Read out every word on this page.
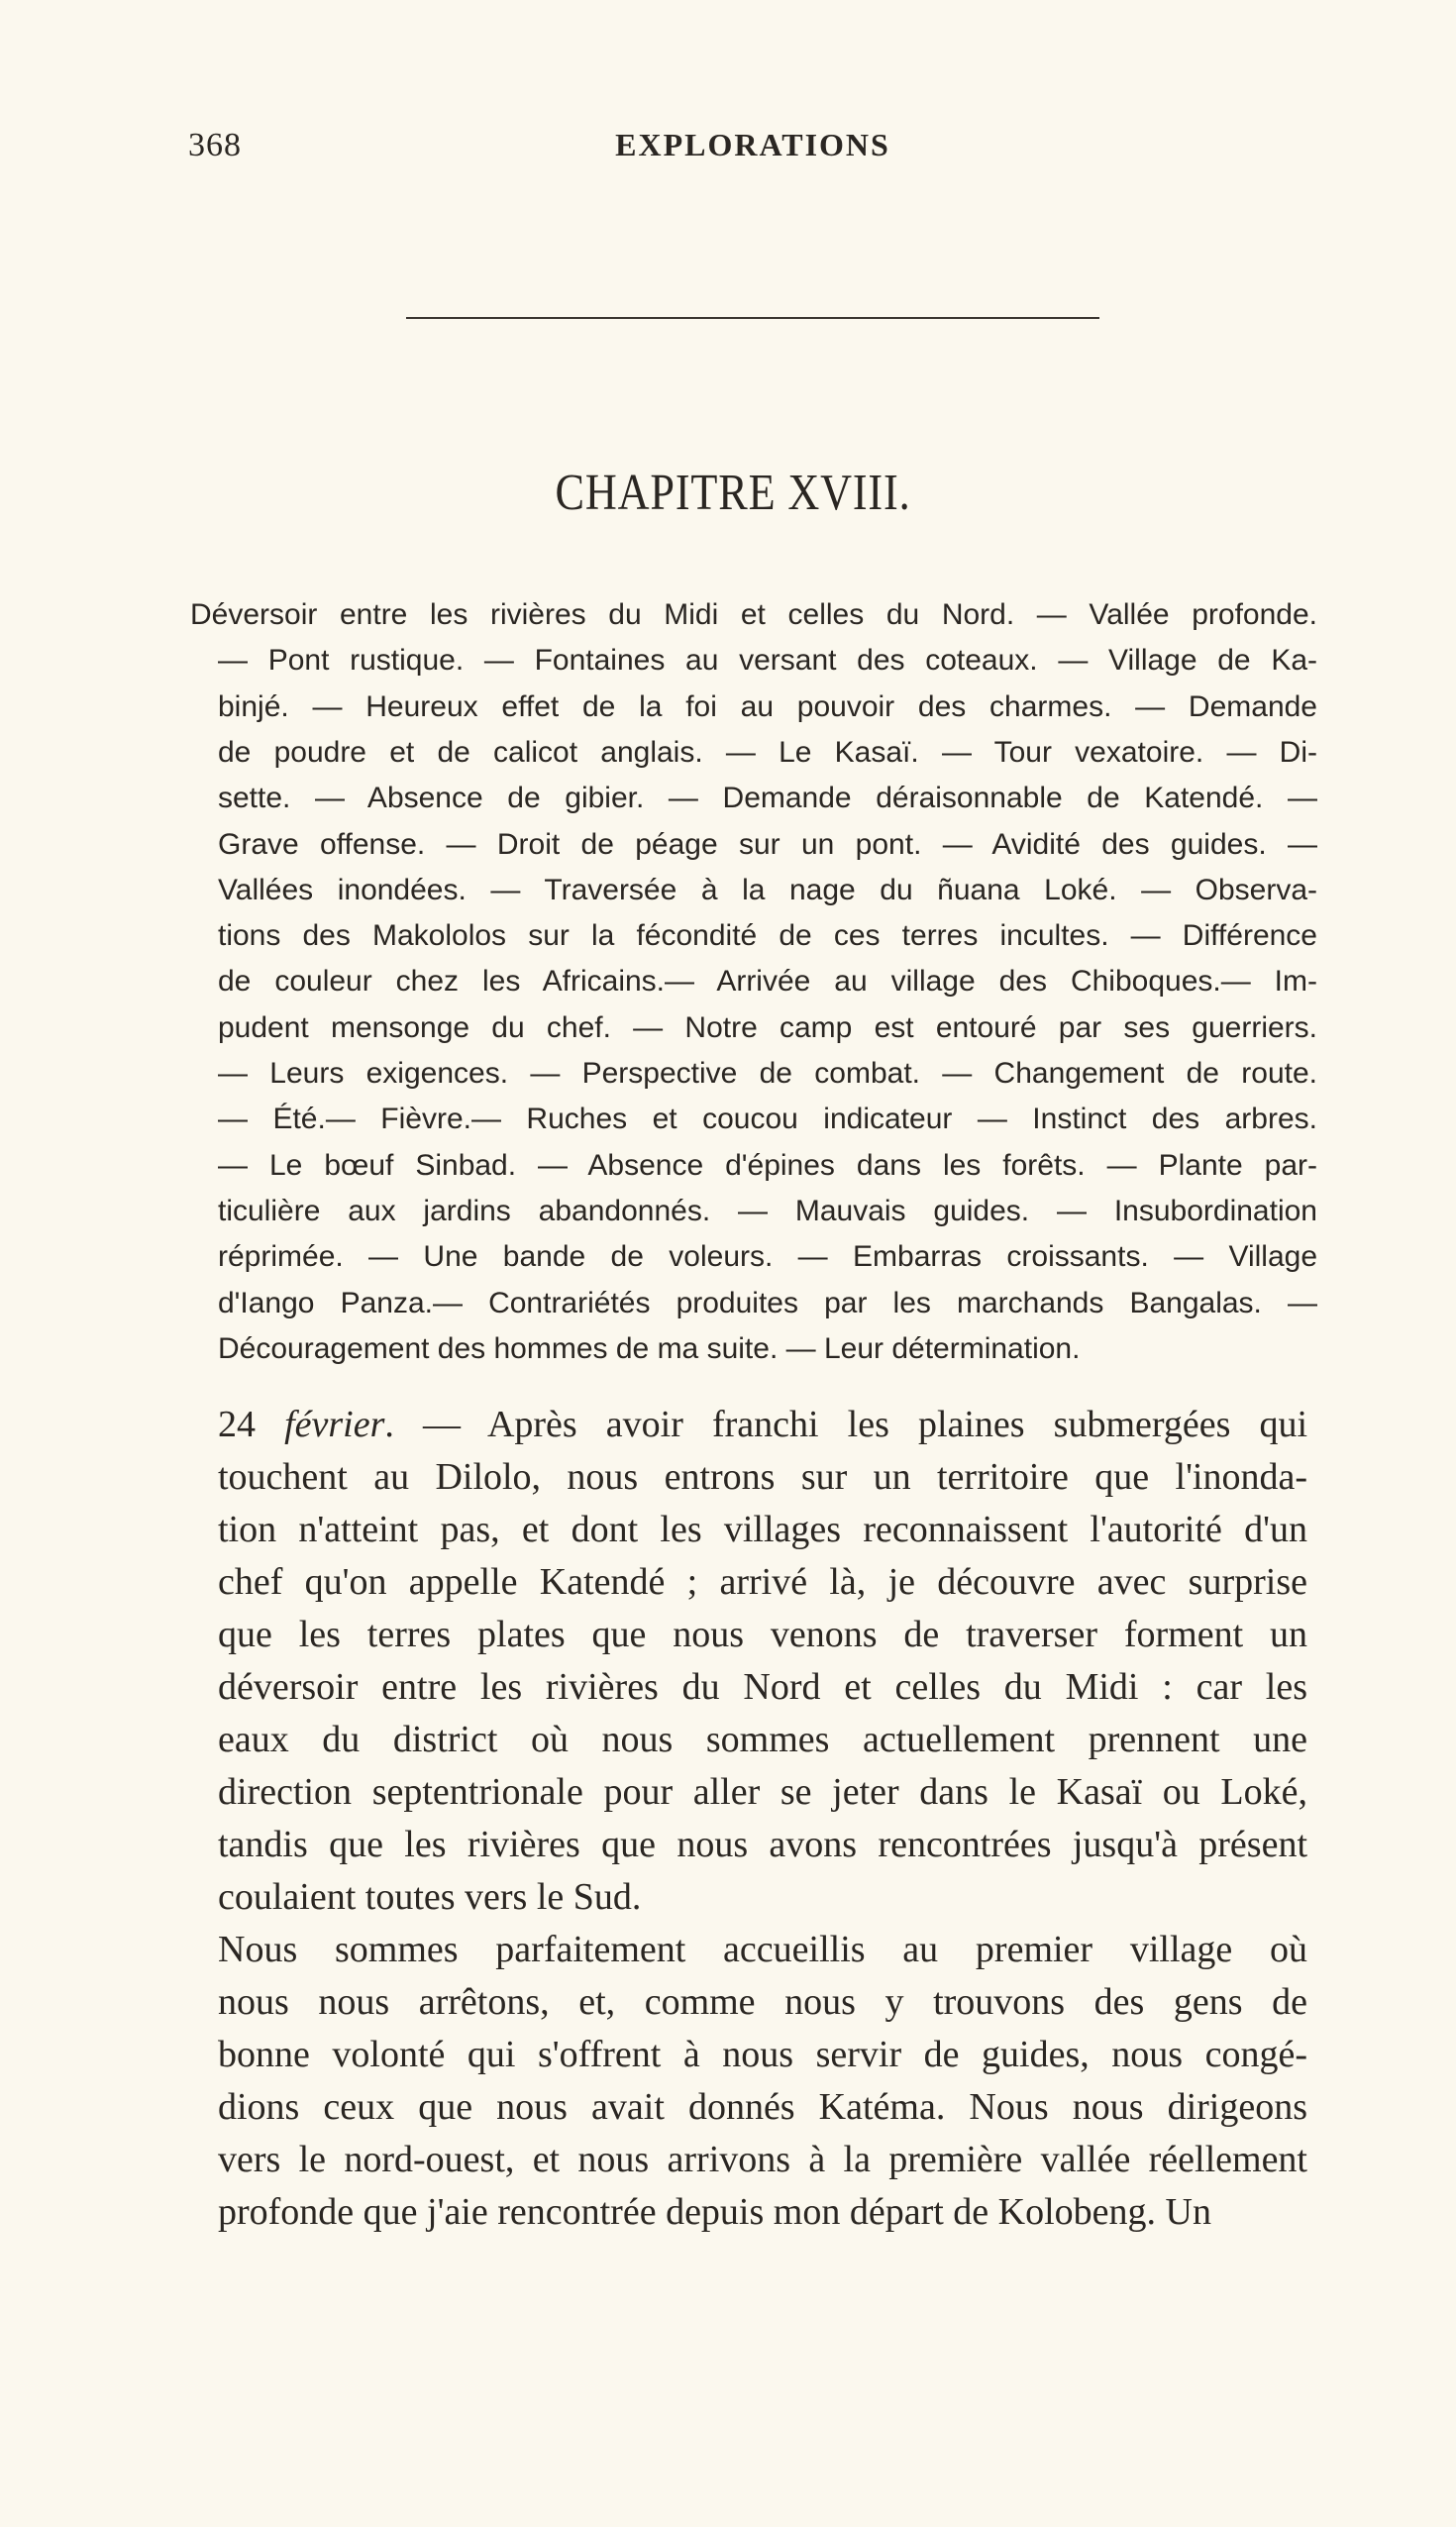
368	EXPLORATIONS
CHAPITRE XVIII.
Déversoir entre les rivières du Midi et celles du Nord. — Vallée profonde.
— Pont rustique. — Fontaines au versant des coteaux. — Village de Ka-
binjé. — Heureux effet de la foi au pouvoir des charmes. — Demande
de poudre et de calicot anglais. — Le Kasaï. — Tour vexatoire. — Di-
sette. — Absence de gibier. — Demande déraisonnable de Katendé. —
Grave offense. — Droit de péage sur un pont. — Avidité des guides. —
Vallées inondées. — Traversée à la nage du ñuana Loké. — Observa-
tions des Makololos sur la fécondité de ces terres incultes. — Différence
de couleur chez les Africains.— Arrivée au village des Chiboques.— Im-
pudent mensonge du chef. — Notre camp est entouré par ses guerriers.
— Leurs exigences. — Perspective de combat. — Changement de route.
— Été.— Fièvre.— Ruches et coucou indicateur — Instinct des arbres.
— Le bœuf Sinbad. — Absence d'épines dans les forêts. — Plante par-
ticulière aux jardins abandonnés. — Mauvais guides. — Insubordination
réprimée. — Une bande de voleurs. — Embarras croissants. — Village
d'Iango Panza.— Contrariétés produites par les marchands Bangalas. —
Découragement des hommes de ma suite. — Leur détermination.
24 février. — Après avoir franchi les plaines submergées qui
touchent au Dilolo, nous entrons sur un territoire que l'inonda-
tion n'atteint pas, et dont les villages reconnaissent l'autorité d'un
chef qu'on appelle Katendé ; arrivé là, je découvre avec surprise
que les terres plates que nous venons de traverser forment un
déversoir entre les rivières du Nord et celles du Midi : car les
eaux du district où nous sommes actuellement prennent une
direction septentrionale pour aller se jeter dans le Kasaï ou Loké,
tandis que les rivières que nous avons rencontrées jusqu'à présent
coulaient toutes vers le Sud.
Nous sommes parfaitement accueillis au premier village où
nous nous arrêtons, et, comme nous y trouvons des gens de
bonne volonté qui s'offrent à nous servir de guides, nous congé-
dions ceux que nous avait donnés Katéma. Nous nous dirigeons
vers le nord-ouest, et nous arrivons à la première vallée réellement
profonde que j'aie rencontrée depuis mon départ de Kolobeng. Un
